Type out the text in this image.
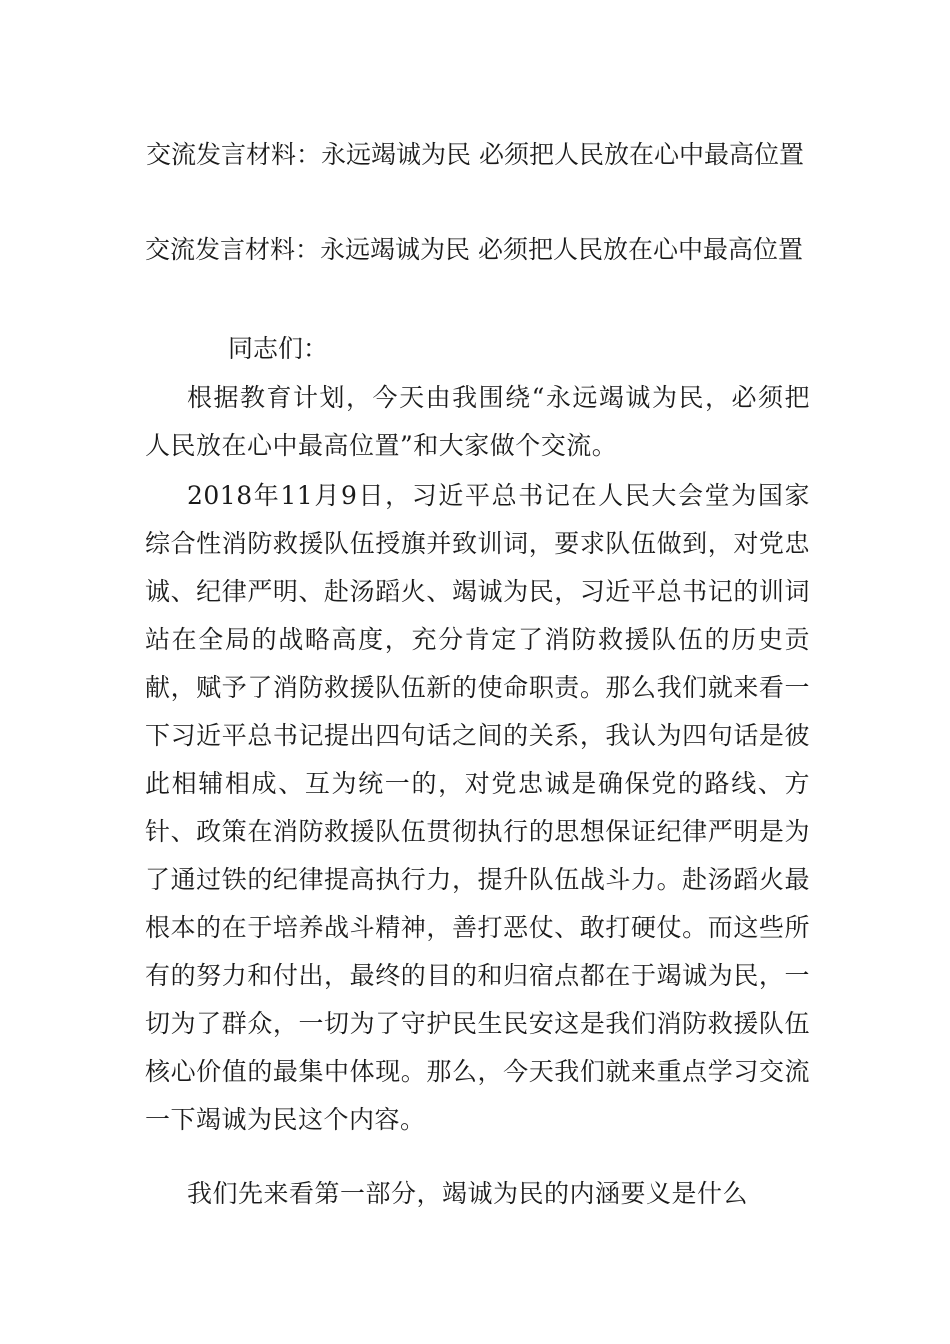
交流发言材料：永远竭诚为民 必须把人民放在心中最高位置

交流发言材料：永远竭诚为民 必须把人民放在心中最高位置

同志们：

根据教育计划，今天由我围绕“永远竭诚为民，必须把人民放在心中最高位置”和大家做个交流。

2018年11月9日，习近平总书记在人民大会堂为国家综合性消防救援队伍授旗并致训词，要求队伍做到，对党忠诚、纪律严明、赴汤蹈火、竭诚为民，习近平总书记的训词站在全局的战略高度，充分肯定了消防救援队伍的历史贡献，赋予了消防救援队伍新的使命职责。那么我们就来看一下习近平总书记提出四句话之间的关系，我认为四句话是彼此相辅相成、互为统一的，对党忠诚是确保党的路线、方针、政策在消防救援队伍贯彻执行的思想保证纪律严明是为了通过铁的纪律提高执行力，提升队伍战斗力。赴汤蹈火最根本的在于培养战斗精神，善打恶仗、敢打硬仗。而这些所有的努力和付出，最终的目的和归宿点都在于竭诚为民，一切为了群众，一切为了守护民生民安这是我们消防救援队伍核心价值的最集中体现。那么，今天我们就来重点学习交流一下竭诚为民这个内容。

我们先来看第一部分，竭诚为民的内涵要义是什么
